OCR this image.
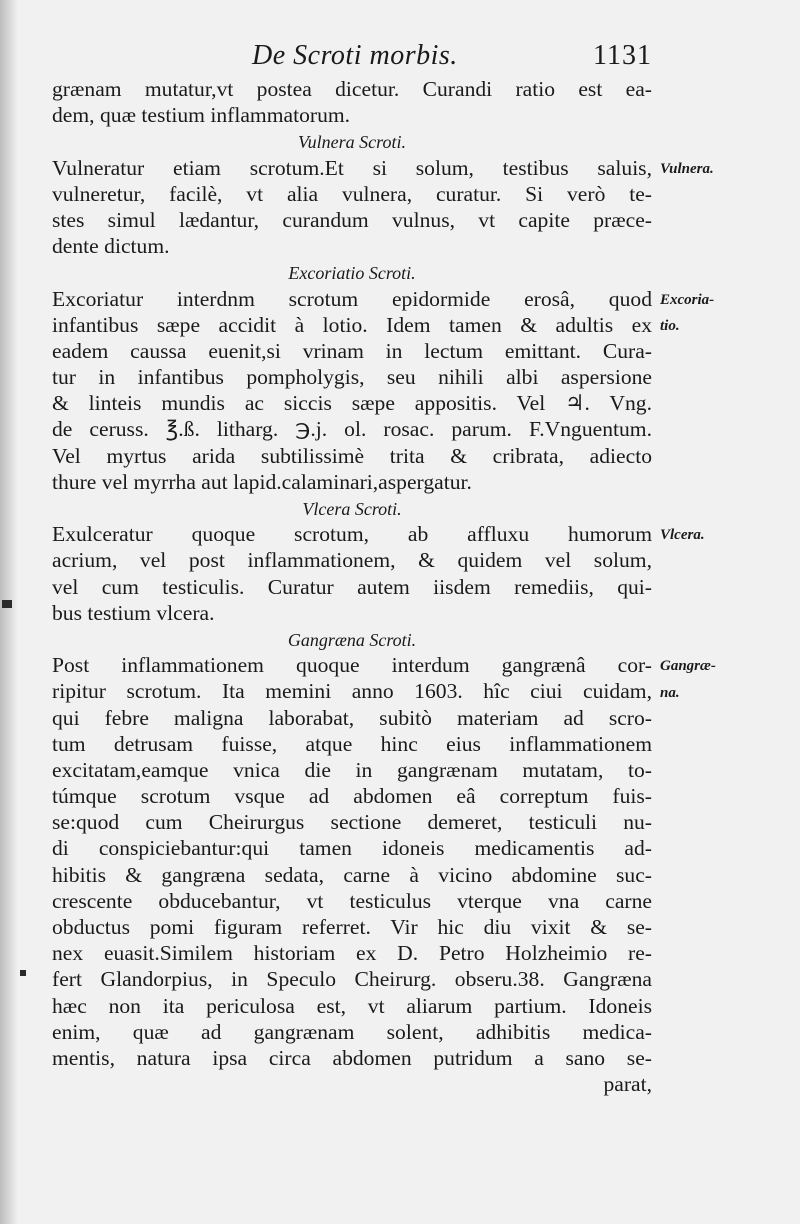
De Scroti morbis.	1131
grænam mutatur,vt postea dicetur. Curandi ratio est ea-
dem, quæ testium inflammatorum.
Vulnera Scroti.
Vulneratur etiam scrotum.Et si solum, testibus saluis,
vulneretur, facilè, vt alia vulnera, curatur. Si verò te-
stes simul lædantur, curandum vulnus, vt capite præce-
dente dictum.
Excoriatio Scroti.
Excoriatur interdnm scrotum epidormide erosâ, quod
infantibus sæpe accidit à lotio. Idem tamen & adultis ex
eadem caussa euenit,si vrinam in lectum emittant. Cura-
tur in infantibus pompholygis, seu nihili albi aspersione
& linteis mundis ac siccis sæpe appositis. Vel ♃. Vng.
de ceruss. ℥.ß. litharg. ℈.j. ol. rosac. parum. F.Vnguentum.
Vel myrtus arida subtilissimè trita & cribrata, adiecto
thure vel myrrha aut lapid.calaminari,aspergatur.
Vlcera Scroti.
Exulceratur quoque scrotum, ab affluxu humorum
acrium, vel post inflammationem, & quidem vel solum,
vel cum testiculis. Curatur autem iisdem remediis, qui-
bus testium vlcera.
Gangræna Scroti.
Post inflammationem quoque interdum gangrænâ cor-
ripitur scrotum. Ita memini anno 1603. hîc ciui cuidam,
qui febre maligna laborabat, subitò materiam ad scro-
tum detrusam fuisse, atque hinc eius inflammationem
excitatam,eamque vnica die in gangrænam mutatam, to-
túmque scrotum vsque ad abdomen eâ correptum fuis-
se:quod cum Cheirurgus sectione demeret, testiculi nu-
di conspiciebantur:qui tamen idoneis medicamentis ad-
hibitis & gangræna sedata, carne à vicino abdomine suc-
crescente obducebantur, vt testiculus vterque vna carne
obductus pomi figuram referret. Vir hic diu vixit & se-
nex euasit.Similem historiam ex D. Petro Holzheimio re-
fert Glandorpius, in Speculo Cheirurg. obseru.38. Gangræna
hæc non ita periculosa est, vt aliarum partium. Idoneis
enim, quæ ad gangrænam solent, adhibitis medica-
mentis, natura ipsa circa abdomen putridum a sano se-
parat,
Vulnera.
Excoria-
tio.
Vlcera.
Gangræ-
na.
